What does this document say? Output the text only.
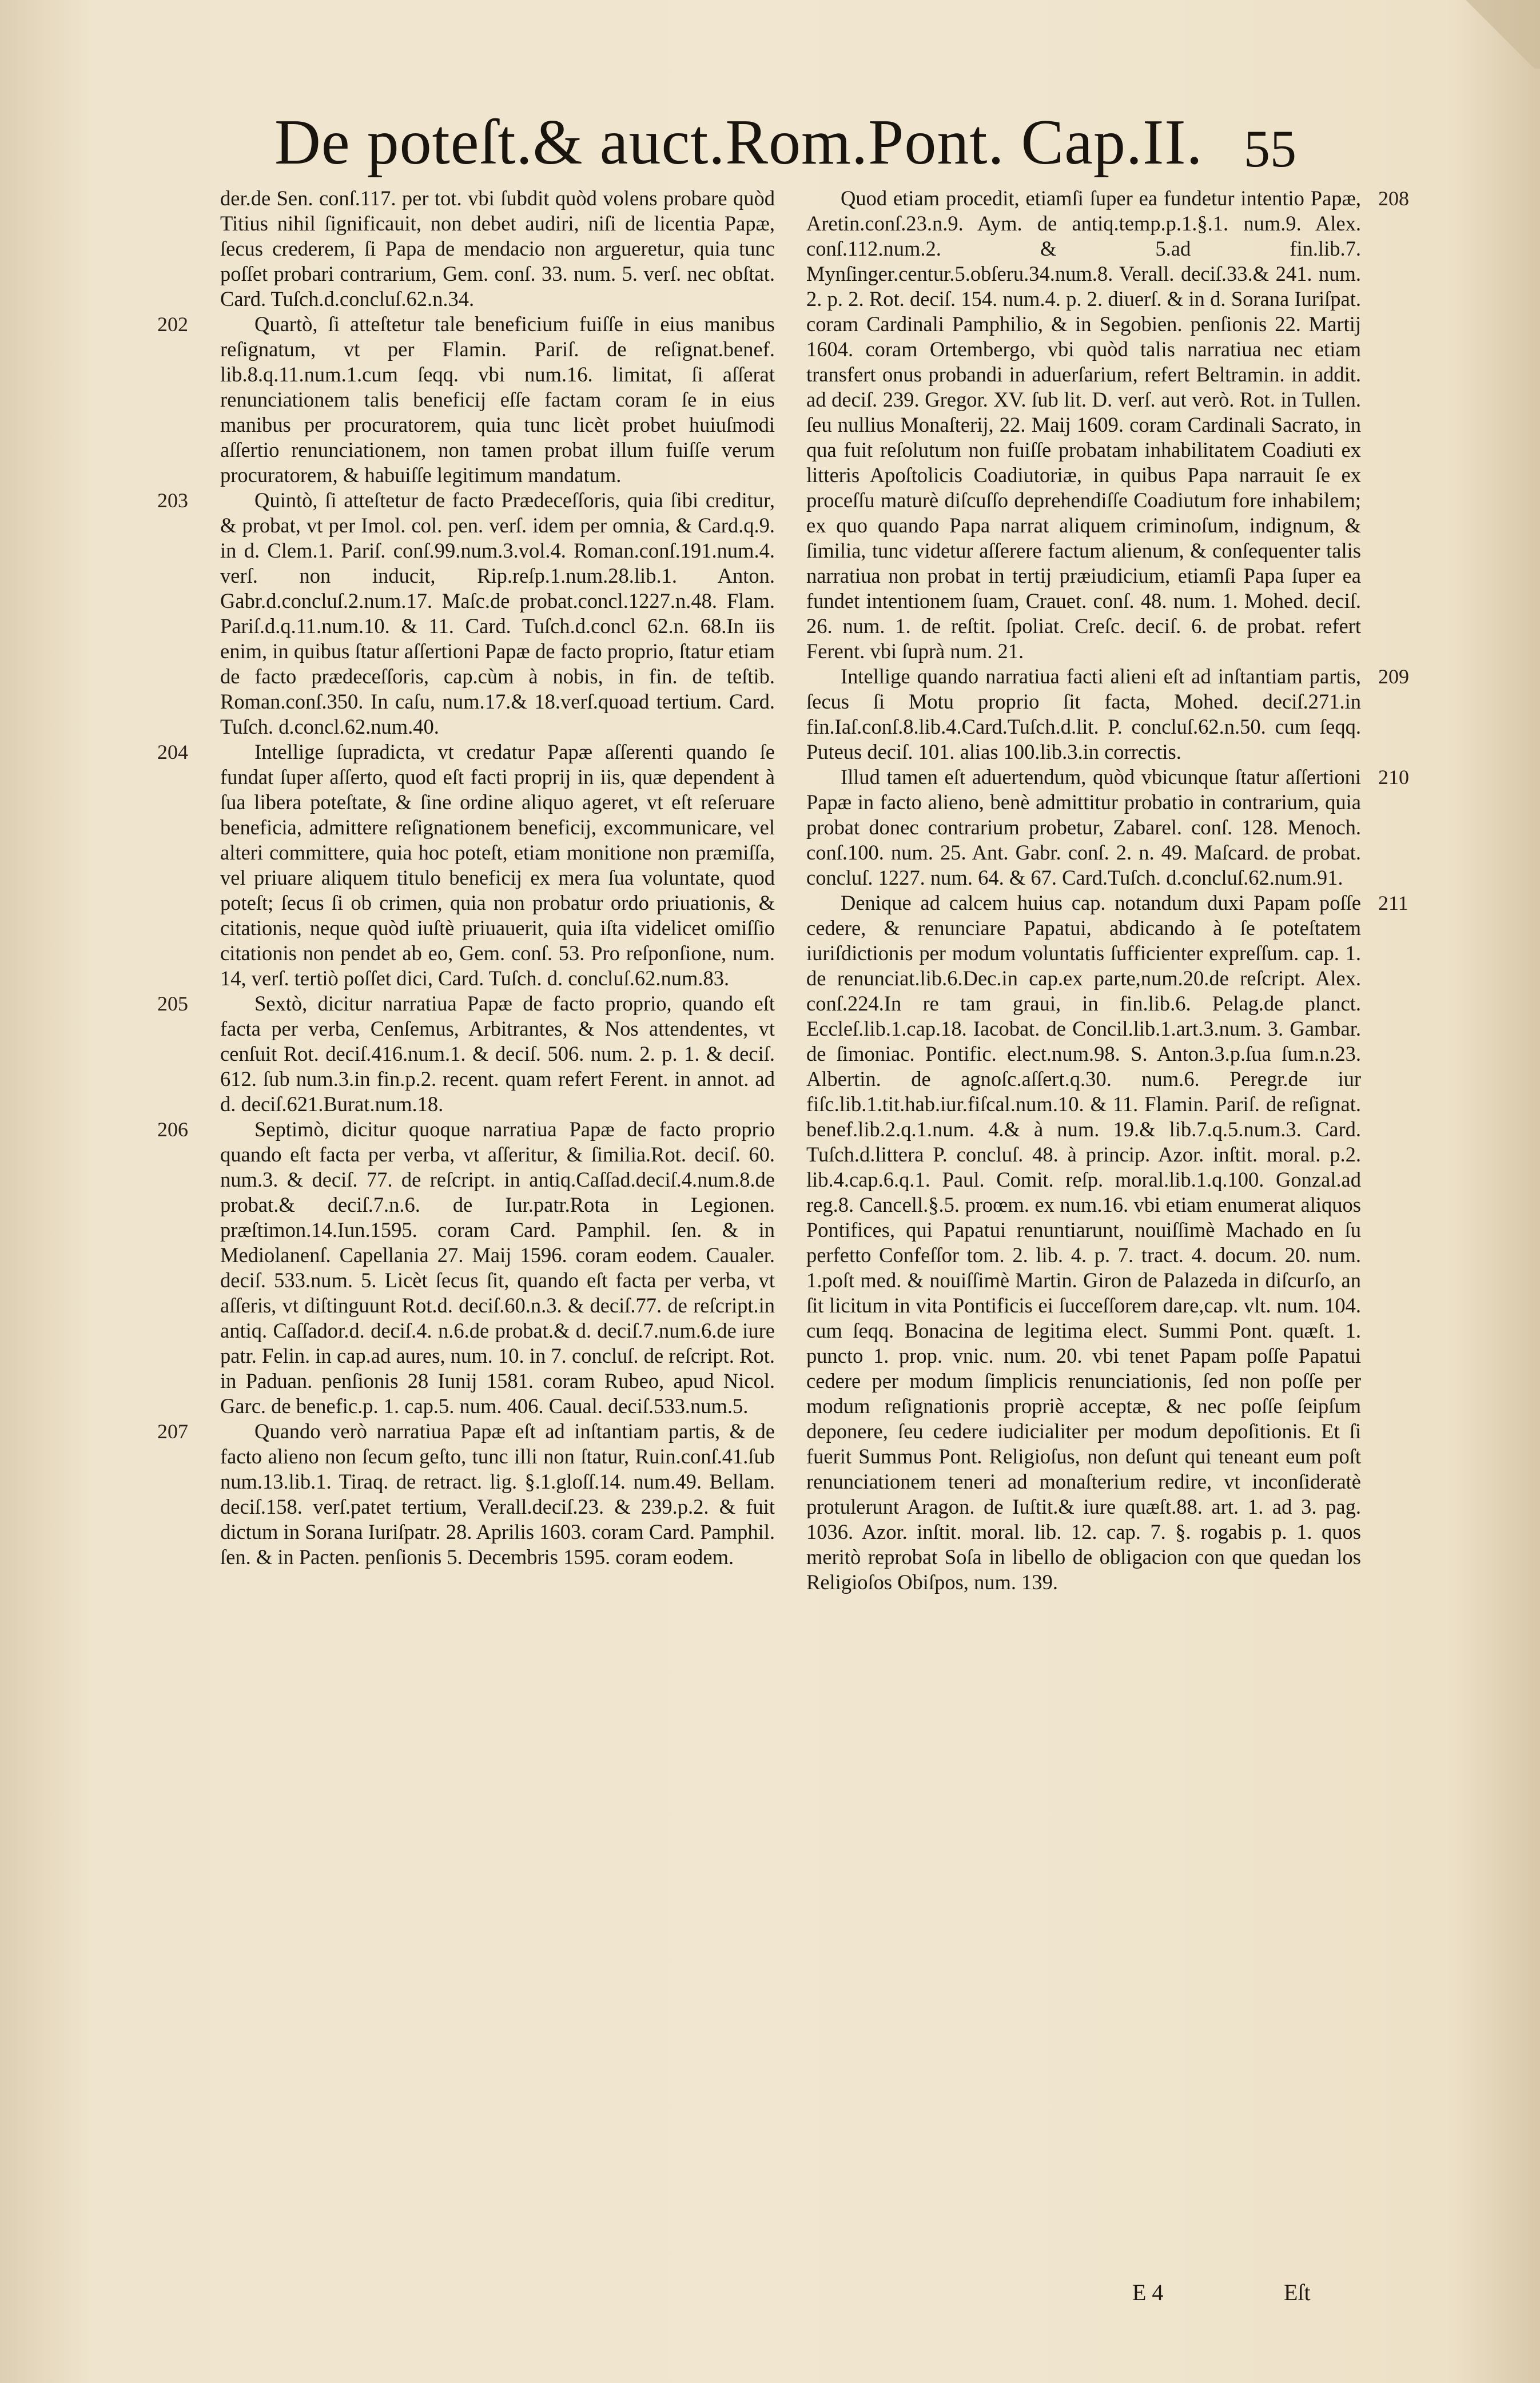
De poteſt.& auct.Rom.Pont. Cap.II. 55

der.de Sen. conſ.117. per tot. vbi ſubdit quòd volens probare quòd Titius nihil ſignificauit, non debet audiri, niſi de licentia Papæ, ſecus crederem, ſi Papa de mendacio non argueretur, quia tunc poſſet probari contrarium, Gem. conſ. 33. num. 5. verſ. nec obſtat. Card. Tuſch.d.concluſ.62.n.34.

202	Quartò, ſi atteſtetur tale beneficium fuiſſe in eius manibus reſignatum, vt per Flamin. Pariſ. de reſignat.benef. lib.8.q.11.num.1.cum ſeqq. vbi num.16. limitat, ſi aſſerat renunciationem talis beneficij eſſe factam coram ſe in eius manibus per procuratorem, quia tunc licèt probet huiuſmodi aſſertio renunciationem, non tamen probat illum fuiſſe verum procuratorem, & habuiſſe legitimum mandatum.

203	Quintò, ſi atteſtetur de facto Prædeceſſoris, quia ſibi creditur, & probat, vt per Imol. col. pen. verſ. idem per omnia, & Card.q.9. in d. Clem.1. Pariſ. conſ.99.num.3.vol.4. Roman.conſ.191.num.4. verſ. non inducit, Rip.reſp.1.num.28.lib.1. Anton. Gabr.d.concluſ.2.num.17. Maſc.de probat.concl.1227.n.48. Flam. Pariſ.d.q.11.num.10. & 11. Card. Tuſch.d.concl 62.n. 68.In iis enim, in quibus ſtatur aſſertioni Papæ de facto proprio, ſtatur etiam de facto prædeceſſoris, cap.cùm à nobis, in fin. de teſtib. Roman.conſ.350. In caſu, num.17.& 18.verſ.quoad tertium. Card. Tuſch. d.concl.62.num.40.

204	Intellige ſupradicta, vt credatur Papæ aſſerenti quando ſe fundat ſuper aſſerto, quod eſt facti proprij in iis, quæ dependent à ſua libera poteſtate, & ſine ordine aliquo ageret, vt eſt reſeruare beneficia, admittere reſignationem beneficij, excommunicare, vel alteri committere, quia hoc poteſt, etiam monitione non præmiſſa, vel priuare aliquem titulo beneficij ex mera ſua voluntate, quod poteſt; ſecus ſi ob crimen, quia non probatur ordo priuationis, & citationis, neque quòd iuſtè priuauerit, quia iſta videlicet omiſſio citationis non pendet ab eo, Gem. conſ. 53. Pro reſponſione, num. 14, verſ. tertiò poſſet dici, Card. Tuſch. d. concluſ.62.num.83.

205	Sextò, dicitur narratiua Papæ de facto proprio, quando eſt facta per verba, Cenſemus, Arbitrantes, & Nos attendentes, vt cenſuit Rot. deciſ.416.num.1. & deciſ. 506. num. 2. p. 1. & deciſ. 612. ſub num.3.in fin.p.2. recent. quam refert Ferent. in annot. ad d. deciſ.621.Burat.num.18.

206	Septimò, dicitur quoque narratiua Papæ de facto proprio quando eſt facta per verba, vt aſſeritur, & ſimilia.Rot. deciſ. 60. num.3. & deciſ. 77. de reſcript. in antiq.Caſſad.deciſ.4.num.8.de probat.& deciſ.7.n.6. de Iur.patr.Rota in Legionen. præſtimon.14.Iun.1595. coram Card. Pamphil. ſen. & in Mediolanenſ. Capellania 27. Maij 1596. coram eodem. Caualer. deciſ. 533.num. 5. Licèt ſecus ſit, quando eſt facta per verba, vt aſſeris, vt diſtinguunt Rot.d. deciſ.60.n.3. & deciſ.77. de reſcript.in antiq. Caſſador.d. deciſ.4. n.6.de probat.& d. deciſ.7.num.6.de iure patr. Felin. in cap.ad aures, num. 10. in 7. concluſ. de reſcript. Rot. in Paduan. penſionis 28 Iunij 1581. coram Rubeo, apud Nicol. Garc. de benefic.p. 1. cap.5. num. 406. Caual. deciſ.533.num.5.

207	Quando verò narratiua Papæ eſt ad inſtantiam partis, & de facto alieno non ſecum geſto, tunc illi non ſtatur, Ruin.conſ.41.ſub num.13.lib.1. Tiraq. de retract. lig. §.1.gloſſ.14. num.49. Bellam. deciſ.158. verſ.patet tertium, Verall.deciſ.23. & 239.p.2. & fuit dictum in Sorana Iuriſpatr. 28. Aprilis 1603. coram Card. Pamphil. ſen. & in Pacten. penſionis 5. Decembris 1595. coram eodem.

208
Quod etiam procedit, etiamſi ſuper ea fundetur intentio Papæ, Aretin.conſ.23.n.9. Aym. de antiq.temp.p.1.§.1. num.9. Alex. conſ.112.num.2. & 5.ad fin.lib.7. Mynſinger.centur.5.obſeru.34.num.8. Verall. deciſ.33.& 241. num. 2. p. 2. Rot. deciſ. 154. num.4. p. 2. diuerſ. & in d. Sorana Iuriſpat. coram Cardinali Pamphilio, & in Segobien. penſionis 22. Martij 1604. coram Ortembergo, vbi quòd talis narratiua nec etiam transfert onus probandi in aduerſarium, refert Beltramin. in addit. ad deciſ. 239. Gregor. XV. ſub lit. D. verſ. aut verò. Rot. in Tullen. ſeu nullius Monaſterij, 22. Maij 1609. coram Cardinali Sacrato, in qua fuit reſolutum non fuiſſe probatam inhabilitatem Coadiuti ex litteris Apoſtolicis Coadiutoriæ, in quibus Papa narrauit ſe ex proceſſu maturè diſcuſſo deprehendiſſe Coadiutum fore inhabilem; ex quo quando Papa narrat aliquem criminoſum, indignum, & ſimilia, tunc videtur aſſerere factum alienum, & conſequenter talis narratiua non probat in tertij præiudicium, etiamſi Papa ſuper ea fundet intentionem ſuam, Crauet. conſ. 48. num. 1. Mohed. deciſ. 26. num. 1. de reſtit. ſpoliat. Creſc. deciſ. 6. de probat. refert Ferent. vbi ſuprà num. 21.

209
Intellige quando narratiua facti alieni eſt ad inſtantiam partis, ſecus ſi Motu proprio ſit facta, Mohed. deciſ.271.in fin.Iaſ.conſ.8.lib.4.Card.Tuſch.d.lit. P. concluſ.62.n.50. cum ſeqq. Puteus deciſ. 101. alias 100.lib.3.in correctis.

210
Illud tamen eſt aduertendum, quòd vbicunque ſtatur aſſertioni Papæ in facto alieno, benè admittitur probatio in contrarium, quia probat donec contrarium probetur, Zabarel. conſ. 128. Menoch. conſ.100. num. 25. Ant. Gabr. conſ. 2. n. 49. Maſcard. de probat. concluſ. 1227. num. 64. & 67. Card.Tuſch. d.concluſ.62.num.91.

211
Denique ad calcem huius cap. notandum duxi Papam poſſe cedere, & renunciare Papatui, abdicando à ſe poteſtatem iuriſdictionis per modum voluntatis ſufficienter expreſſum. cap. 1. de renunciat.lib.6.Dec.in cap.ex parte,num.20.de reſcript. Alex. conſ.224.In re tam graui, in fin.lib.6. Pelag.de planct. Eccleſ.lib.1.cap.18. Iacobat. de Concil.lib.1.art.3.num. 3. Gambar. de ſimoniac. Pontific. elect.num.98. S. Anton.3.p.ſua ſum.n.23. Albertin. de agnoſc.aſſert.q.30. num.6. Peregr.de iur fiſc.lib.1.tit.hab.iur.fiſcal.num.10. & 11. Flamin. Pariſ. de reſignat. benef.lib.2.q.1.num. 4.& à num. 19.& lib.7.q.5.num.3. Card. Tuſch.d.littera P. concluſ. 48. à princip. Azor. inſtit. moral. p.2. lib.4.cap.6.q.1. Paul. Comit. reſp. moral.lib.1.q.100. Gonzal.ad reg.8. Cancell.§.5. proœm. ex num.16. vbi etiam enumerat aliquos Pontifices, qui Papatui renuntiarunt, nouiſſimè Machado en ſu perfetto Confeſſor tom. 2. lib. 4. p. 7. tract. 4. docum. 20. num. 1.poſt med. & nouiſſimè Martin. Giron de Palazeda in diſcurſo, an ſit licitum in vita Pontificis ei ſucceſſorem dare,cap. vlt. num. 104. cum ſeqq. Bonacina de legitima elect. Summi Pont. quæſt. 1. puncto 1. prop. vnic. num. 20. vbi tenet Papam poſſe Papatui cedere per modum ſimplicis renunciationis, ſed non poſſe per modum reſignationis propriè acceptæ, & nec poſſe ſeipſum deponere, ſeu cedere iudicialiter per modum depoſitionis. Et ſi fuerit Summus Pont. Religioſus, non deſunt qui teneant eum poſt renunciationem teneri ad monaſterium redire, vt inconſideratè protulerunt Aragon. de Iuſtit.& iure quæſt.88. art. 1. ad 3. pag. 1036. Azor. inſtit. moral. lib. 12. cap. 7. §. rogabis p. 1. quos meritò reprobat Soſa in libello de obligacion con que quedan los Religioſos Obiſpos, num. 139.

E 4	Eſt
